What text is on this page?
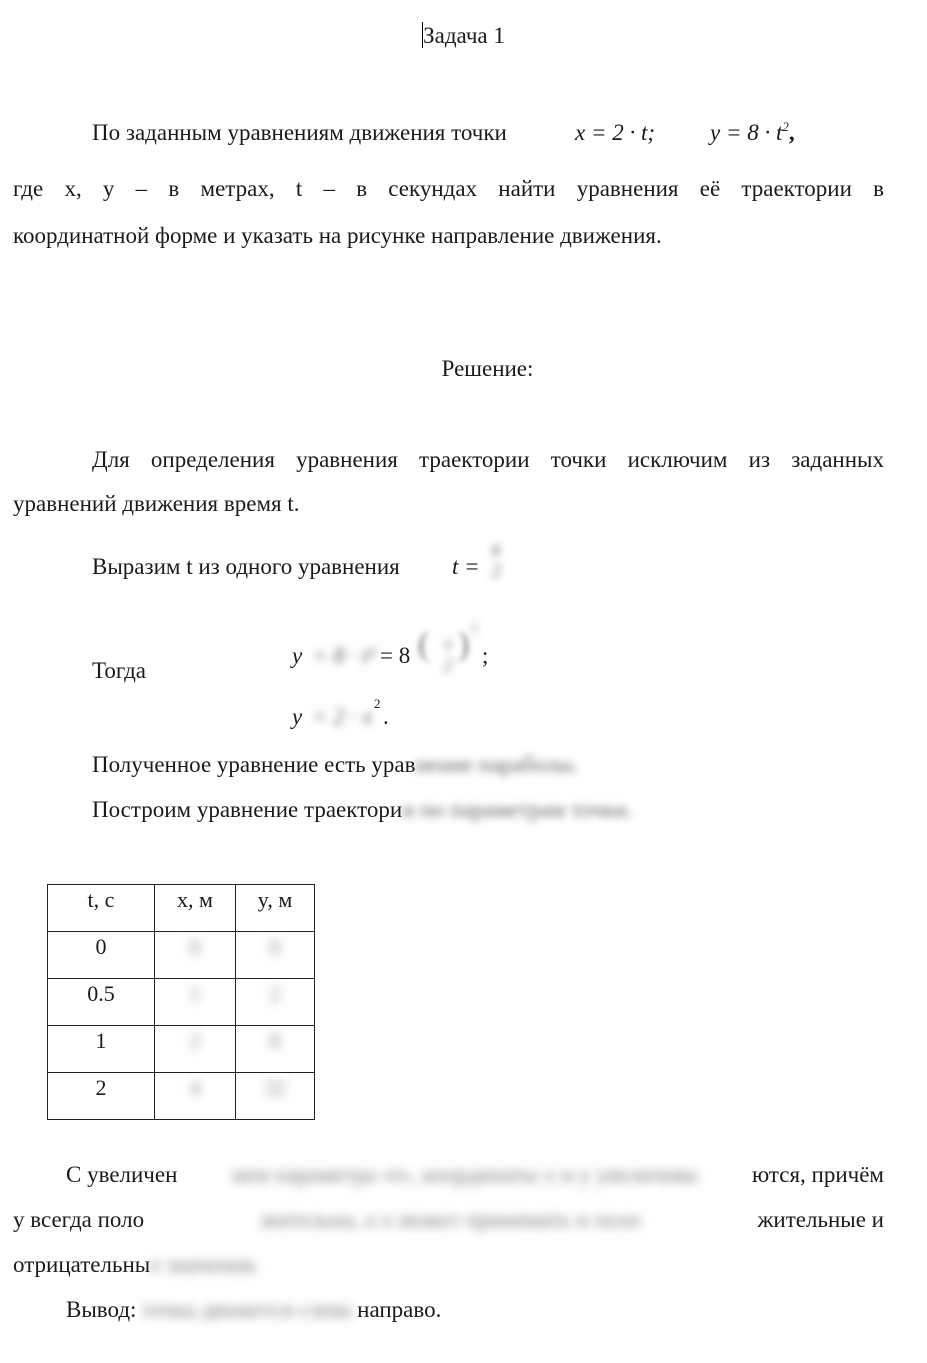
Задача 1
По заданным уравнениям движения точки	x = 2 · t; $y = 8 \cdot t^2$,
где x, y – в метрах, t – в секундах найти уравнения её траектории в
координатной форме и указать на рисунке направление движения.
Решение:
Для определения уравнения траектории точки исключим из заданных
уравнений движения время t.
Выразим t из одного уравнения t =
x
2
Тогда
y = 8 · t² = 8 ( x
2
) 2
;
y = 2 · x
2
.
Полученное уравнение есть уравнение параболы.
Построим уравнение траектории по параметрам точки.
t, с	x, м	y, м
0	0	0
0.5	1	2
1	2	8
2	4	32
С увеличен ием параметра «t», координаты x и y увеличива ются, причём
y всегда поло	жительна, а x может принимать и поло	жительные и
отрицательные значения.
Вывод: точка движется слева направо.
